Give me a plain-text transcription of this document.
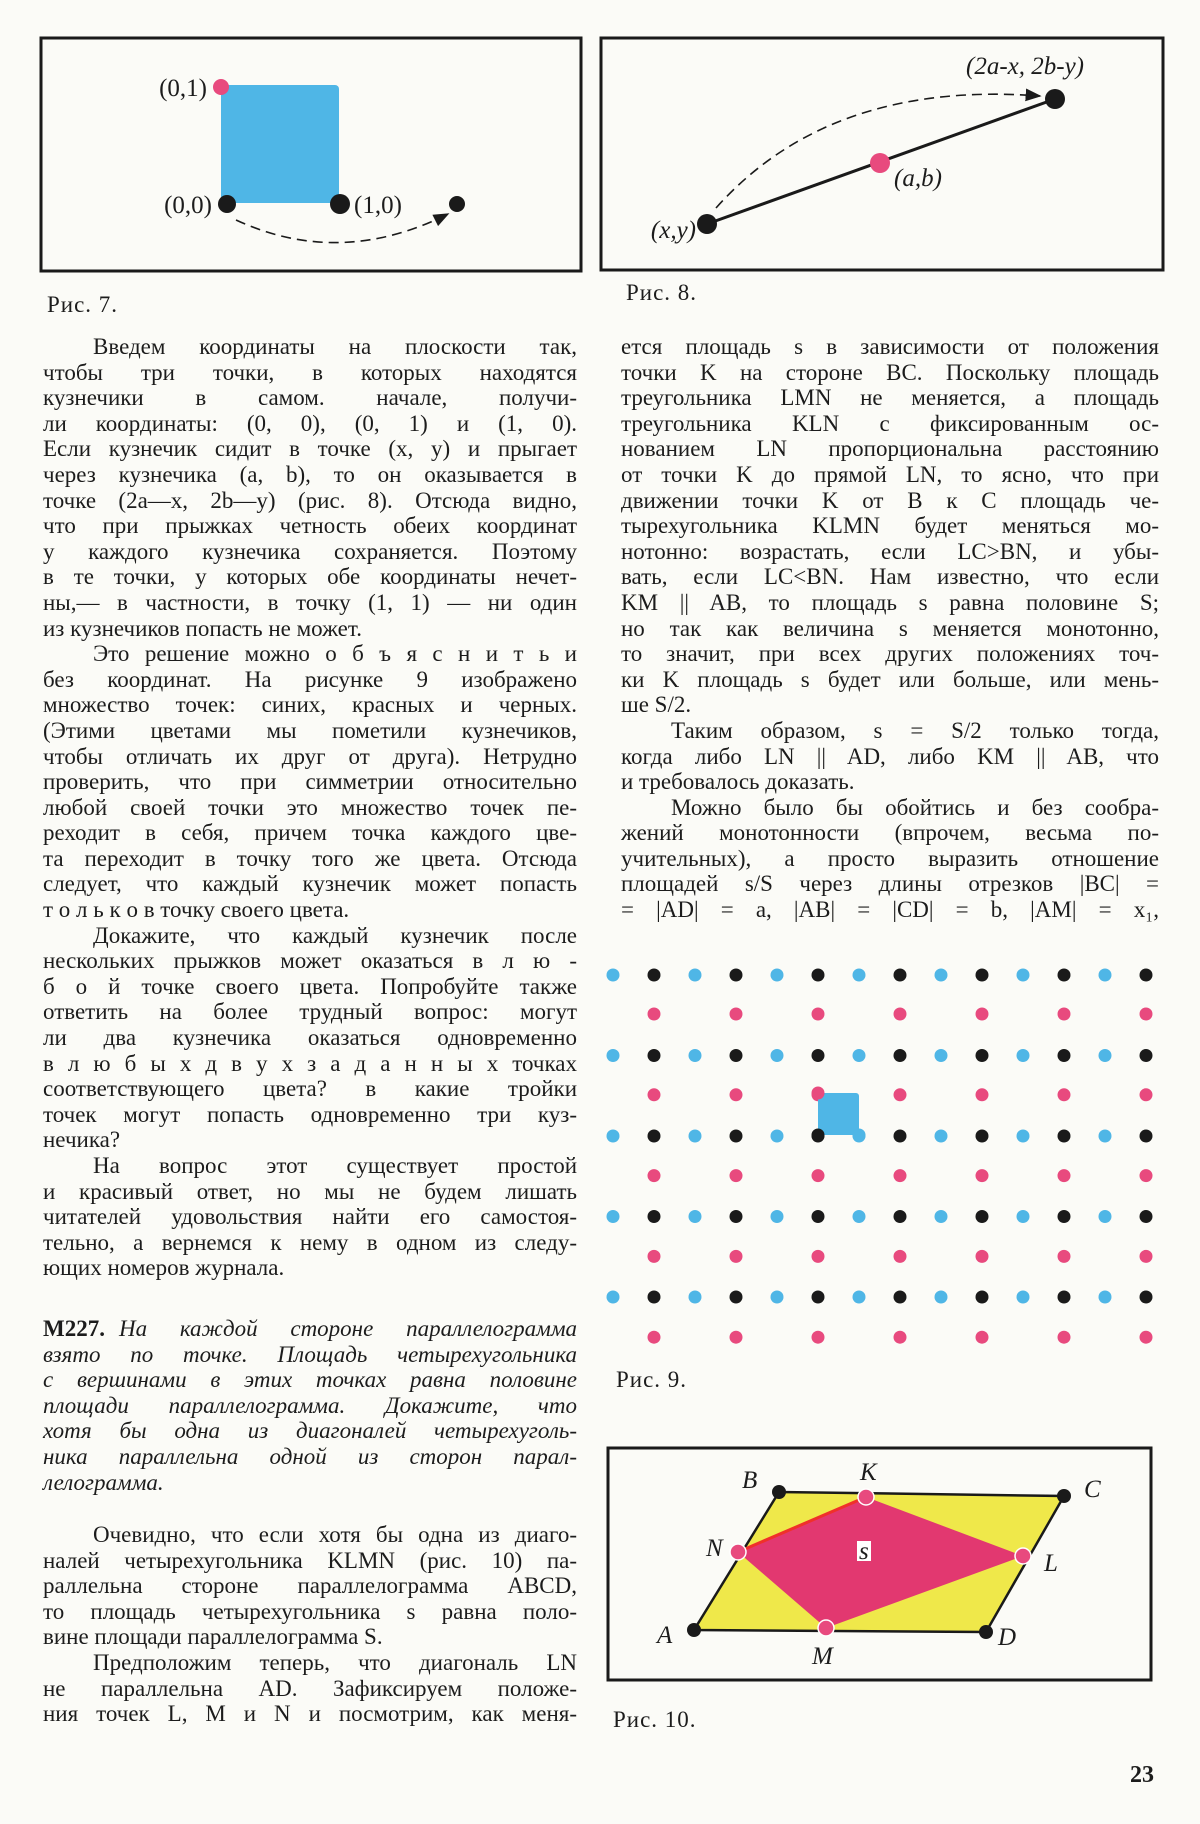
(0,1)
(0,0)	(1,0)
(x,y)
(a,b)
(2a-x, 2b-y)
B	K
C
N	s	L
A	D
M
Рис. 7.	Рис. 8.
Рис. 9.
Рис. 10.
Введем координаты на плоскости так,
чтобы три точки, в которых находятся
кузнечики в самом. начале, получи-
ли координаты: (0, 0), (0, 1) и (1, 0).
Если кузнечик сидит в точке (x, y) и прыгает
через кузнечика (a, b), то он оказывается в
точке (2a—x, 2b—y) (рис. 8). Отсюда видно,
что при прыжках четность обеих координат
у каждого кузнечика сохраняется. Поэтому
в те точки, у которых обе координаты нечет-
ны,— в частности, в точку (1, 1) — ни один
из кузнечиков попасть не может.
Это решение можно о б ъ я с н и т ь и
без координат. На рисунке 9 изображено
множество точек: синих, красных и черных.
(Этими цветами мы пометили кузнечиков,
чтобы отличать их друг от друга). Нетрудно
проверить, что при симметрии относительно
любой своей точки это множество точек пе-
реходит в себя, причем точка каждого цве-
та переходит в точку того же цвета. Отсюда
следует, что каждый кузнечик может попасть
т о л ь к о в точку своего цвета.
Докажите, что каждый кузнечик после
нескольких прыжков может оказаться в л ю -
б о й точке своего цвета. Попробуйте также
ответить на более трудный вопрос: могут
ли два кузнечика оказаться одновременно
в л ю б ы х д в у х з а д а н н ы х точках
соответствующего цвета? в какие тройки
точек могут попасть одновременно три куз-
нечика?
На вопрос этот существует простой
и красивый ответ, но мы не будем лишать
читателей удовольствия найти его самостоя-
тельно, а вернемся к нему в одном из следу-
ющих номеров журнала.
M227. На каждой стороне параллелограмма
взято по точке. Площадь четырехугольника
с вершинами в этих точках равна половине
площади параллелограмма. Докажите, что
хотя бы одна из диагоналей четырехуголь-
ника параллельна одной из сторон парал-
лелограмма.
Очевидно, что если хотя бы одна из диаго-
налей четырехугольника KLMN (рис. 10) па-
раллельна стороне параллелограмма ABCD,
то площадь четырехугольника s равна поло-
вине площади параллелограмма S.
Предположим теперь, что диагональ LN
не параллельна AD. Зафиксируем положе-
ния точек L, M и N и посмотрим, как меня-
ется площадь s в зависимости от положения
точки K на стороне BC. Поскольку площадь
треугольника LMN не меняется, а площадь
треугольника KLN с фиксированным ос-
нованием LN пропорциональна расстоянию
от точки K до прямой LN, то ясно, что при
движении точки K от B к C площадь че-
тырехугольника KLMN будет меняться мо-
нотонно: возрастать, если LC>BN, и убы-
вать, если LC<BN. Нам известно, что если
KM || AB, то площадь s равна половине S;
но так как величина s меняется монотонно,
то значит, при всех других положениях точ-
ки K площадь s будет или больше, или мень-
ше S/2.
Таким образом, s = S/2 только тогда,
когда либо LN || AD, либо KM || AB, что
и требовалось доказать.
Можно было бы обойтись и без сообра-
жений монотонности (впрочем, весьма по-
учительных), а просто выразить отношение
площадей s/S через длины отрезков |BC| =
= |AD| = a, |AB| = |CD| = b, |AM| = x₁,
23
